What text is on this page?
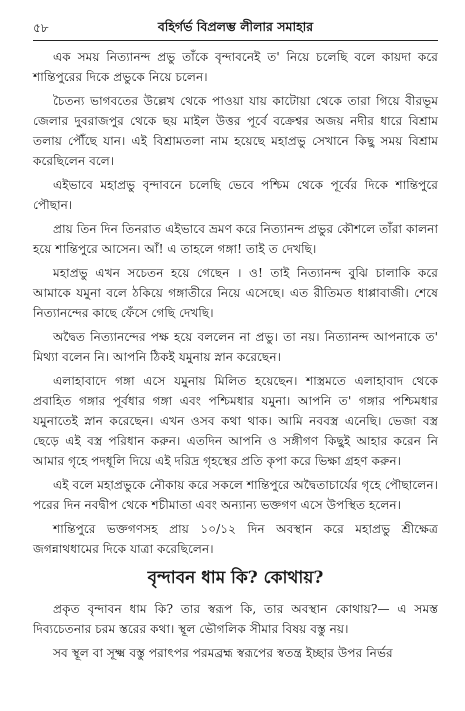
৫৮	বহির্গর্ভ বিপ্রলম্ভ লীলার সমাহার

এক সময় নিত্যানন্দ প্রভু তাঁকে বৃন্দাবনেই ত' নিয়ে চলেছি বলে কায়দা করে শান্তিপুরের দিকে প্রভুকে নিয়ে চলেন।

চৈতন্য ভাগবতের উল্লেখ থেকে পাওয়া যায় কাটোয়া থেকে তারা গিয়ে বীরভূম জেলার দুবরাজপুর থেকে ছয় মাইল উত্তর পূর্বে বক্রেশ্বর অজয় নদীর ধারে বিশ্রাম তলায় পৌঁছে যান। এই বিশ্রামতলা নাম হয়েছে মহাপ্রভু সেখানে কিছু সময় বিশ্রাম করেছিলেন বলে।

এইভাবে মহাপ্রভু বৃন্দাবনে চলেছি ভেবে পশ্চিম থেকে পূর্বের দিকে শান্তিপুরে পৌছান।

প্রায় তিন দিন তিনরাত এইভাবে ভ্রমণ করে নিত্যানন্দ প্রভুর কৌশলে তাঁরা কালনা হয়ে শান্তিপুরে আসেন। আঁ! এ তাহলে গঙ্গা! তাই ত দেখছি।

মহাপ্রভু এখন সচেতন হয়ে গেছেন । ও! তাই নিত্যানন্দ বুঝি চালাকি করে আমাকে যমুনা বলে ঠকিয়ে গঙ্গাতীরে নিয়ে এসেছে। এত রীতিমত ধাপ্পাবাজী। শেষে নিত্যানন্দের কাছে ফেঁসে গেছি দেখছি।

অদ্বৈত নিত্যানন্দের পক্ষ হয়ে বললেন না প্রভু। তা নয়। নিত্যানন্দ আপনাকে ত' মিথ্যা বলেন নি। আপনি ঠিকই যমুনায় স্নান করেছেন।

এলাহাবাদে গঙ্গা এসে যমুনায় মিলিত হয়েছেন। শাস্ত্রমতে এলাহাবাদ থেকে প্রবাহিত গঙ্গার পূর্বধার গঙ্গা এবং পশ্চিমধার যমুনা। আপনি ত' গঙ্গার পশ্চিমধার যমুনাতেই স্নান করেছেন। এখন ওসব কথা থাক। আমি নববস্ত্র এনেছি। ভেজা বস্ত্র ছেড়ে এই বস্ত্র পরিধান করুন। এতদিন আপনি ও সঙ্গীগণ কিছুই আহার করেন নি আমার গৃহে পদধূলি দিয়ে এই দরিদ্র গৃহস্থের প্রতি কৃপা করে ভিক্ষা গ্রহণ করুন।

এই বলে মহাপ্রভুকে নৌকায় করে সকলে শান্তিপুরে অদ্বৈতাচার্যের গৃহে পৌছালেন। পরের দিন নবদ্বীপ থেকে শচীমাতা এবং অন্যান্য ভক্তগণ এসে উপস্থিত হলেন।

শান্তিপুরে ভক্তগণসহ প্রায় ১০/১২ দিন অবস্থান করে মহাপ্রভু শ্রীক্ষেত্র জগন্নাথধামের দিকে যাত্রা করেছিলেন।

বৃন্দাবন ধাম কি? কোথায়?

প্রকৃত বৃন্দাবন ধাম কি? তার স্বরূপ কি, তার অবস্থান কোথায়?— এ সমস্ত দিব্যচেতনার চরম স্তরের কথা। স্থূল ভৌগলিক সীমার বিষয় বস্তু নয়।

সব স্থূল বা সূক্ষ্ম বস্তু পরাৎপর পরমব্রহ্ম স্বরূপের স্বতন্ত্র ইচ্ছার উপর নির্ভর
